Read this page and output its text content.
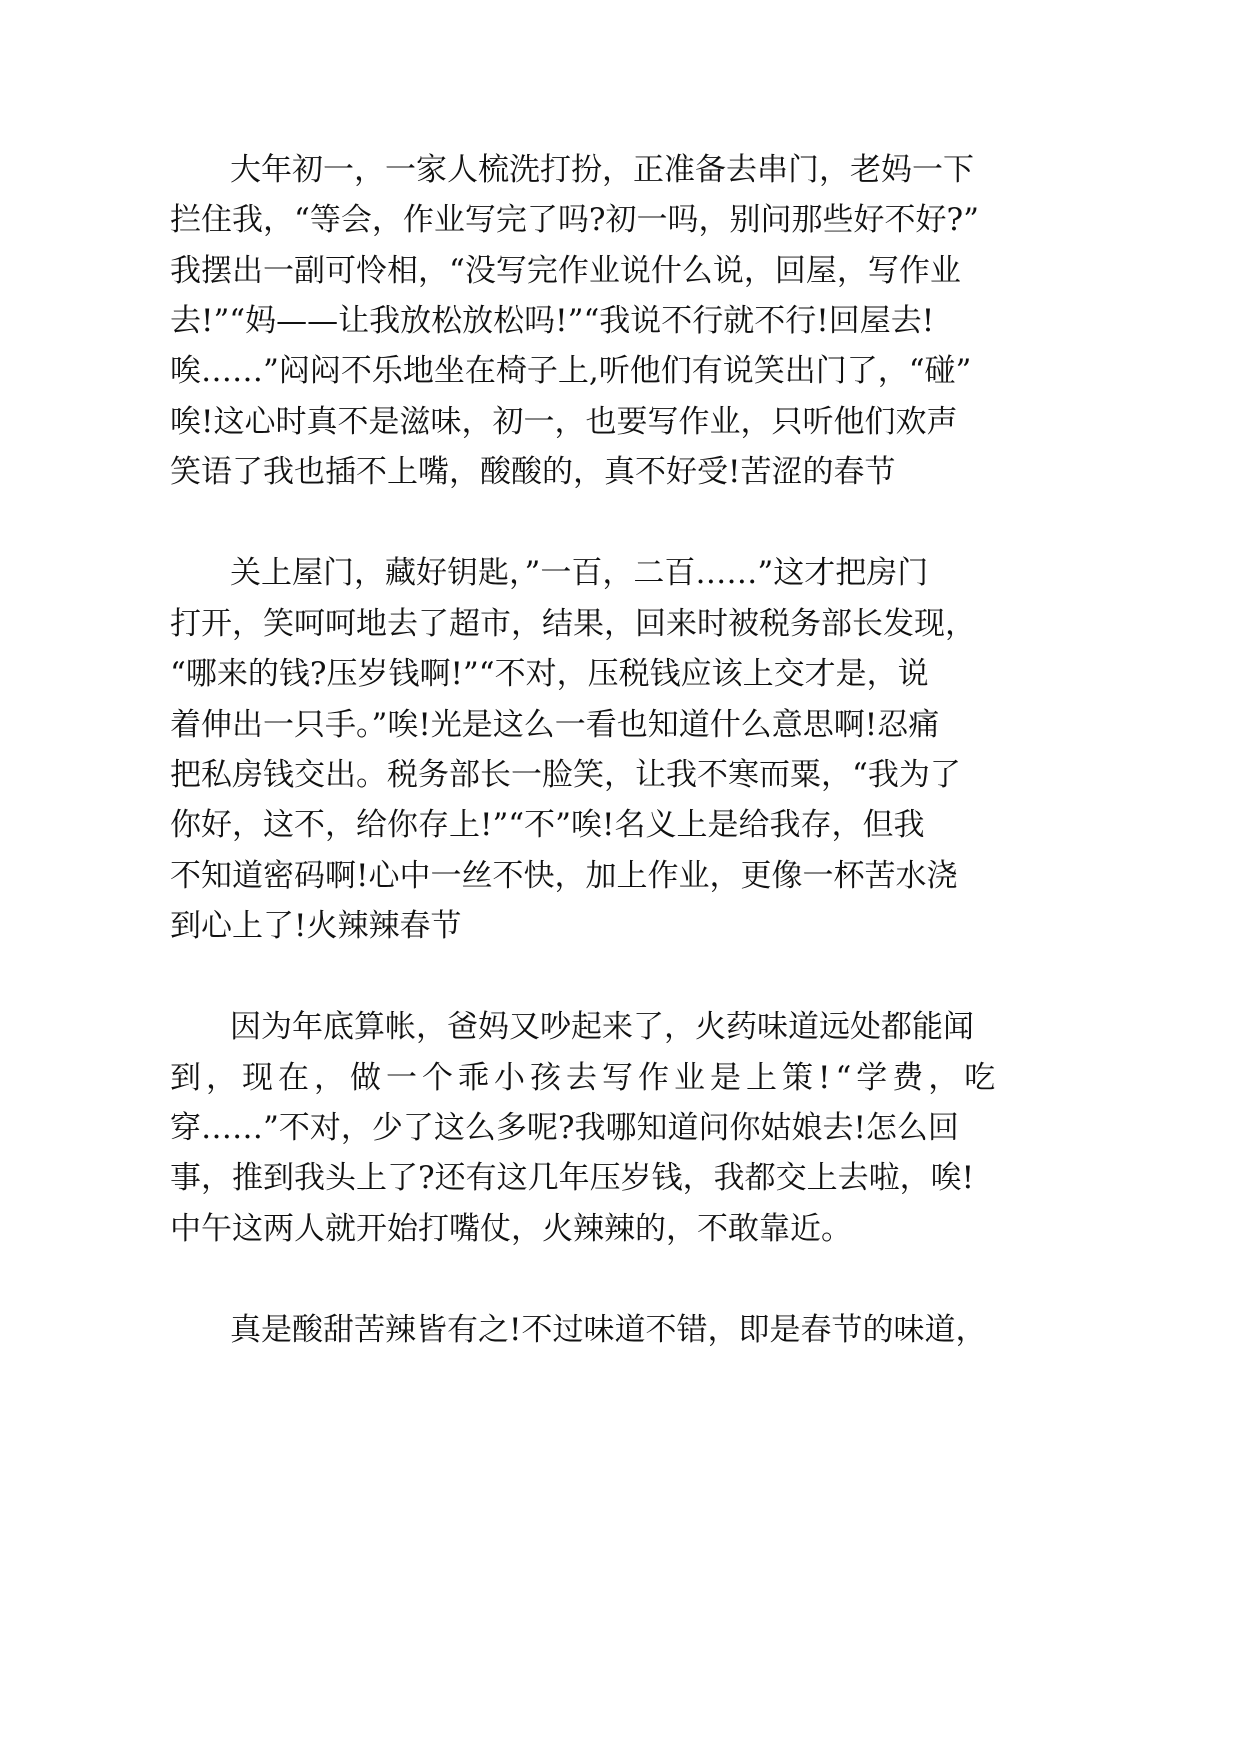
大年初一，一家人梳洗打扮，正准备去串门，老妈一下
拦住我，“等会，作业写完了吗?初一吗，别问那些好不好?”
我摆出一副可怜相，“没写完作业说什么说，回屋，写作业
去!”“妈——让我放松放松吗!”“我说不行就不行!回屋去!
唉……”闷闷不乐地坐在椅子上,听他们有说笑出门了，“碰”
唉!这心时真不是滋味，初一，也要写作业，只听他们欢声
笑语了我也插不上嘴，酸酸的，真不好受!苦涩的春节
关上屋门，藏好钥匙，”一百，二百……”这才把房门
打开，笑呵呵地去了超市，结果，回来时被税务部长发现，
“哪来的钱?压岁钱啊!”“不对，压税钱应该上交才是，说
着伸出一只手。”唉!光是这么一看也知道什么意思啊!忍痛
把私房钱交出。税务部长一脸笑，让我不寒而粟，“我为了
你好，这不，给你存上!”“不”唉!名义上是给我存，但我
不知道密码啊!心中一丝不快，加上作业，更像一杯苦水浇
到心上了!火辣辣春节
因为年底算帐，爸妈又吵起来了，火药味道远处都能闻
到，现在，做一个乖小孩去写作业是上策!“学费，吃
穿……”不对，少了这么多呢?我哪知道问你姑娘去!怎么回
事，推到我头上了?还有这几年压岁钱，我都交上去啦，唉!
中午这两人就开始打嘴仗，火辣辣的，不敢靠近。
真是酸甜苦辣皆有之!不过味道不错，即是春节的味道，
